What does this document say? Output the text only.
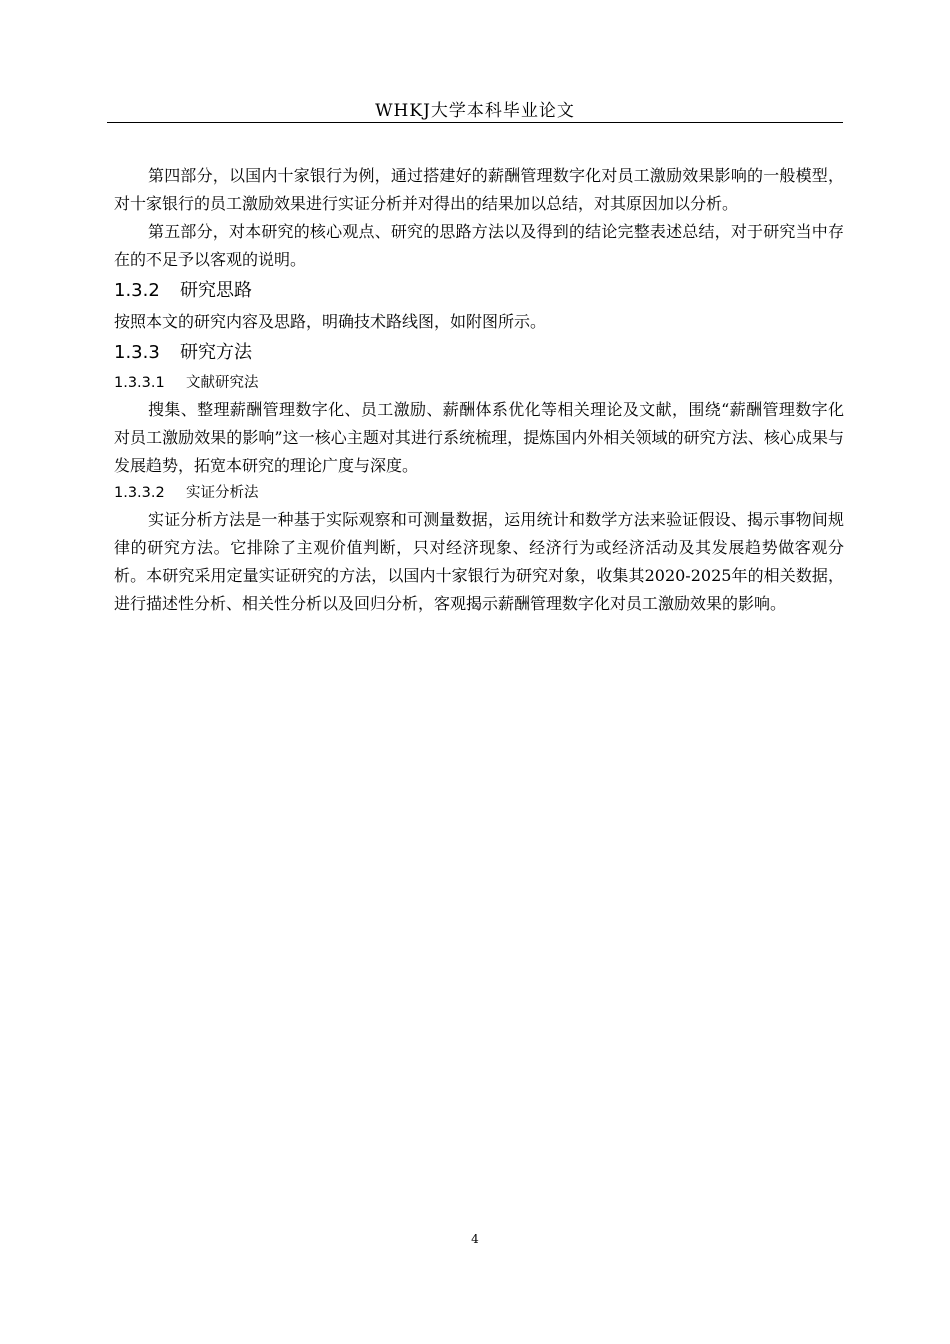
WHKJ大学本科毕业论文

第四部分，以国内十家银行为例，通过搭建好的薪酬管理数字化对员工激励效果影响的一般模型，对十家银行的员工激励效果进行实证分析并对得出的结果加以总结，对其原因加以分析。

第五部分，对本研究的核心观点、研究的思路方法以及得到的结论完整表述总结，对于研究当中存在的不足予以客观的说明。

1.3.2 研究思路

按照本文的研究内容及思路，明确技术路线图，如附图所示。

1.3.3 研究方法
1.3.3.1 文献研究法

搜集、整理薪酬管理数字化、员工激励、薪酬体系优化等相关理论及文献，围绕“薪酬管理数字化对员工激励效果的影响”这一核心主题对其进行系统梳理，提炼国内外相关领域的研究方法、核心成果与发展趋势，拓宽本研究的理论广度与深度。

1.3.3.2 实证分析法

实证分析方法是一种基于实际观察和可测量数据，运用统计和数学方法来验证假设、揭示事物间规律的研究方法。它排除了主观价值判断，只对经济现象、经济行为或经济活动及其发展趋势做客观分析。本研究采用定量实证研究的方法，以国内十家银行为研究对象，收集其2020-2025年的相关数据，进行描述性分析、相关性分析以及回归分析，客观揭示薪酬管理数字化对员工激励效果的影响。

4
